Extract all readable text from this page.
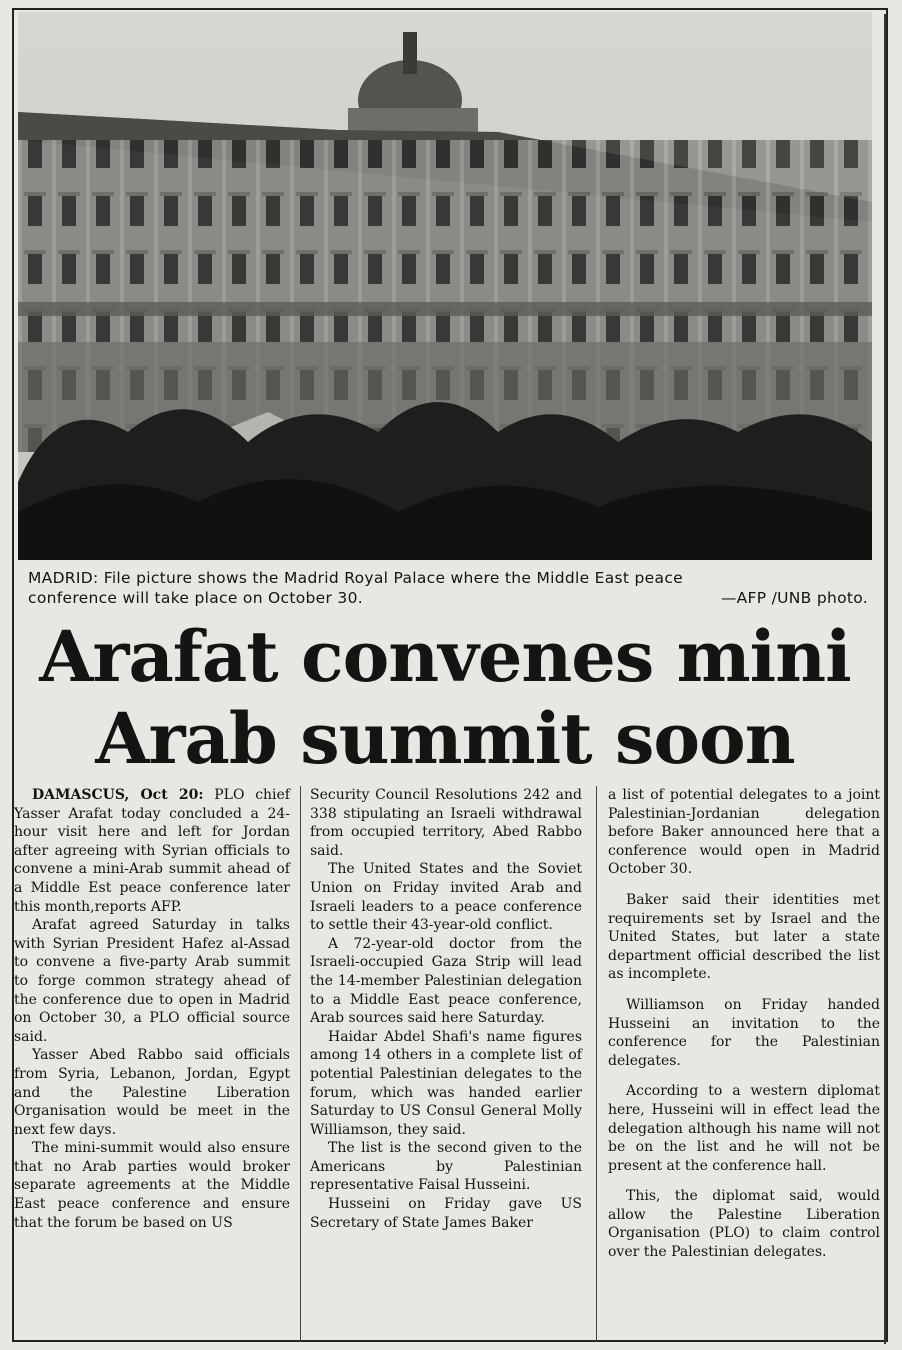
MADRID: File picture shows the Madrid Royal Palace where the Middle East peace
conference will take place on October 30.	—AFP /UNB photo.
Arafat convenes mini
Arab summit soon

DAMASCUS, Oct 20: PLO chief Yasser Arafat today concluded a 24-hour visit here and left for Jordan after agreeing with Syrian officials to convene a mini-Arab summit ahead of a Middle Est peace conference later this month,reports AFP.

Arafat agreed Saturday in talks with Syrian President Hafez al-Assad to convene a five-party Arab summit to forge common strategy ahead of the conference due to open in Madrid on October 30, a PLO official source said.

Yasser Abed Rabbo said officials from Syria, Lebanon, Jordan, Egypt and the Palestine Liberation Organisation would be meet in the next few days.

The mini-summit would also ensure that no Arab parties would broker separate agreements at the Middle East peace conference and ensure that the forum be based on US

Security Council Resolutions 242 and 338 stipulating an Israeli withdrawal from occupied territory, Abed Rabbo said.

The United States and the Soviet Union on Friday invited Arab and Israeli leaders to a peace conference to settle their 43-year-old conflict.

A 72-year-old doctor from the Israeli-occupied Gaza Strip will lead the 14-member Palestinian delegation to a Middle East peace conference, Arab sources said here Saturday.

Haidar Abdel Shafi's name figures among 14 others in a complete list of potential Palestinian delegates to the forum, which was handed earlier Saturday to US Consul General Molly Williamson, they said.

The list is the second given to the Americans by Palestinian representative Faisal Husseini.

Husseini on Friday gave US Secretary of State James Baker

a list of potential delegates to a joint Palestinian-Jordanian delegation before Baker announced here that a conference would open in Madrid October 30.

Baker said their identities met requirements set by Israel and the United States, but later a state department official described the list as incomplete.

Williamson on Friday handed Husseini an invitation to the conference for the Palestinian delegates.

According to a western diplomat here, Husseini will in effect lead the delegation although his name will not be on the list and he will not be present at the conference hall.

This, the diplomat said, would allow the Palestine Liberation Organisation (PLO) to claim control over the Palestinian delegates.
